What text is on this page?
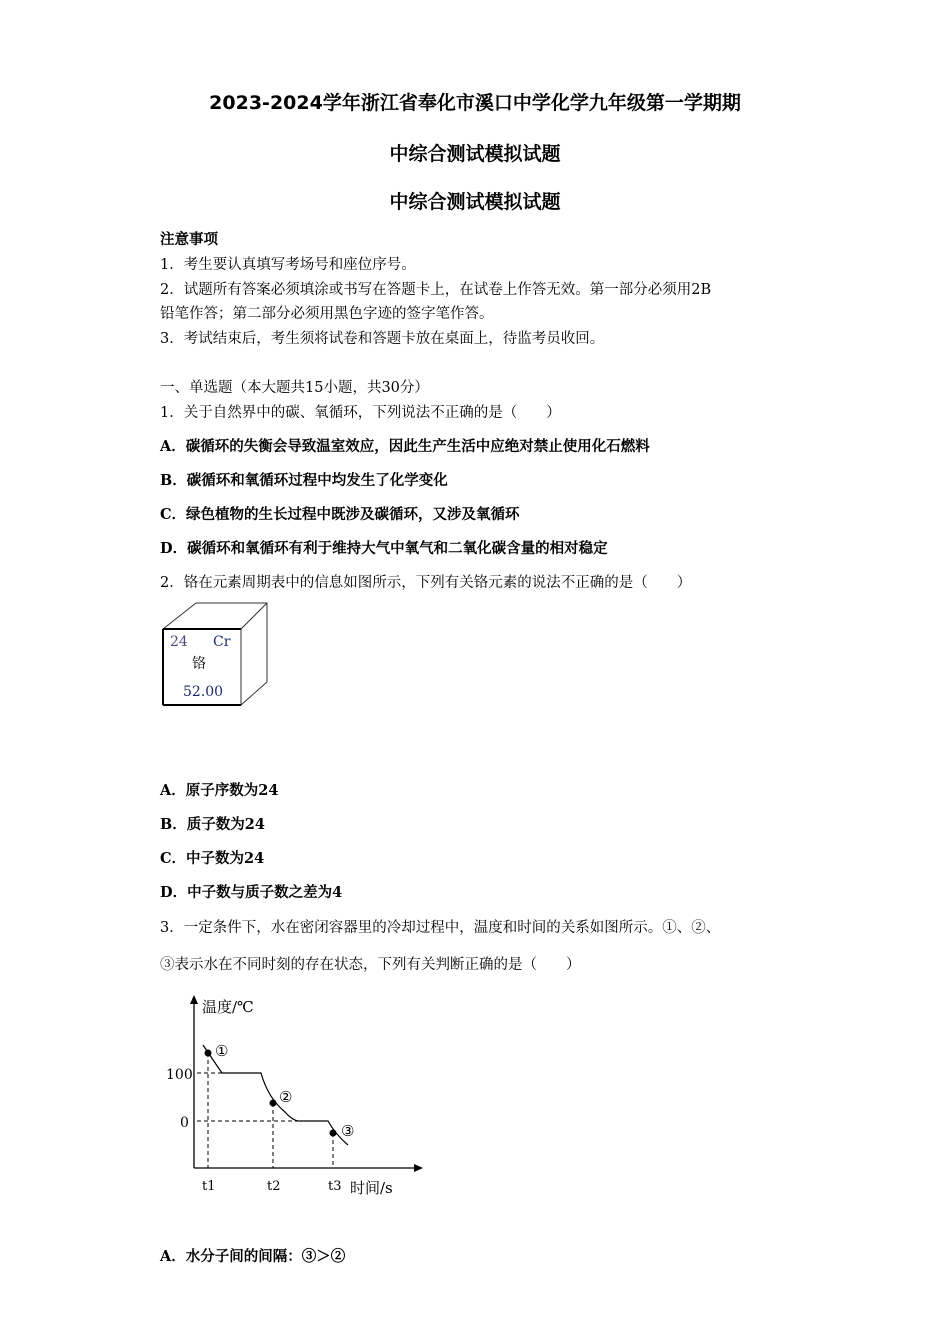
2023-2024学年浙江省奉化市溪口中学化学九年级第一学期期
中综合测试模拟试题
中综合测试模拟试题
注意事项
1．考生要认真填写考场号和座位序号。
2．试题所有答案必须填涂或书写在答题卡上，在试卷上作答无效。第一部分必须用2B
铅笔作答；第二部分必须用黑色字迹的签字笔作答。
3．考试结束后，考生须将试卷和答题卡放在桌面上，待监考员收回。
一、单选题（本大题共15小题，共30分）
1．关于自然界中的碳、氧循环，下列说法不正确的是（　　）
A．碳循环的失衡会导致温室效应，因此生产生活中应绝对禁止使用化石燃料
B．碳循环和氧循环过程中均发生了化学变化
C．绿色植物的生长过程中既涉及碳循环，又涉及氧循环
D．碳循环和氧循环有利于维持大气中氧气和二氧化碳含量的相对稳定
2．铬在元素周期表中的信息如图所示，下列有关铬元素的说法不正确的是（　　）
24 Cr
铬
52.00
A．原子序数为24
B．质子数为24
C．中子数为24
D．中子数与质子数之差为4
3．一定条件下，水在密闭容器里的冷却过程中，温度和时间的关系如图所示。①、②、
③表示水在不同时刻的存在状态，下列有关判断正确的是（　　）
温度/℃
100
0
t1	t2	t3 时间/s
①
②
③
A．水分子间的间隔：③＞②
